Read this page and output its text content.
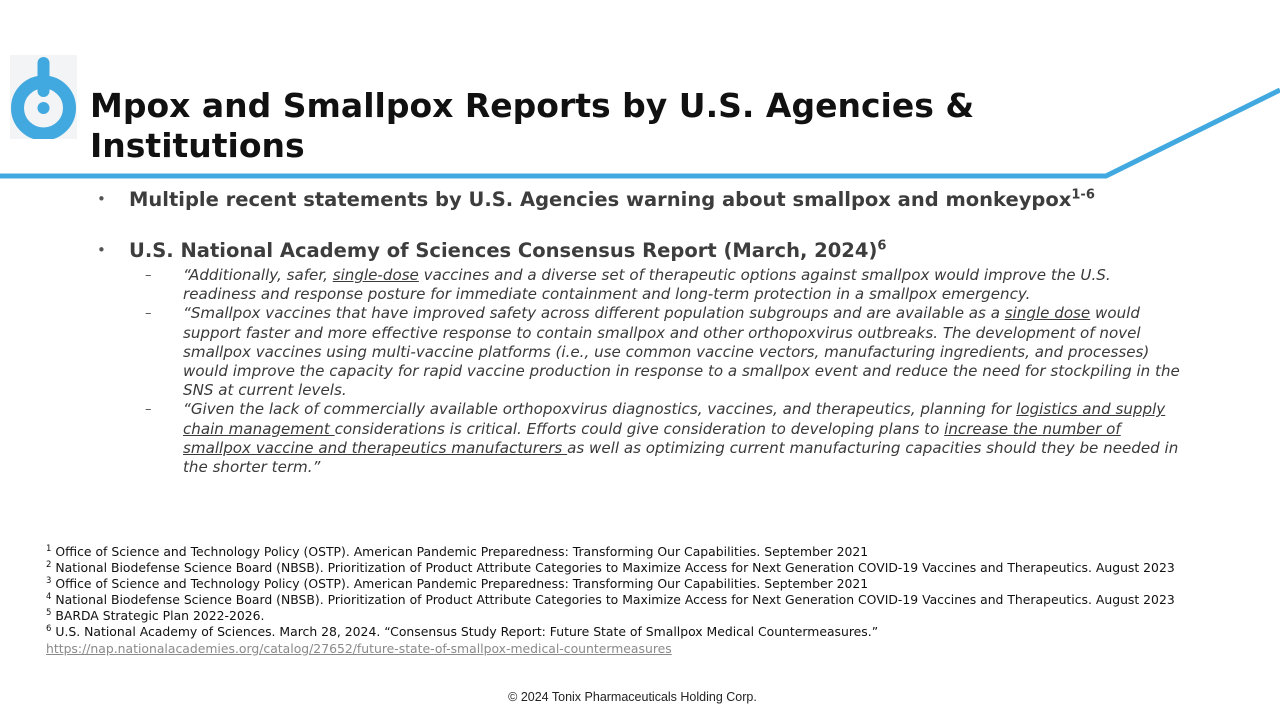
Mpox and Smallpox Reports by U.S. Agencies & Institutions
• Multiple recent statements by U.S. Agencies warning about smallpox and monkeypox$^{1-6}$
• U.S. National Academy of Sciences Consensus Report (March, 2024)$^6$
– “Additionally, safer, single-dose vaccines and a diverse set of therapeutic options against smallpox would improve the U.S. readiness and response posture for immediate containment and long-term protection in a smallpox emergency.
– “Smallpox vaccines that have improved safety across different population subgroups and are available as a single dose would support faster and more effective response to contain smallpox and other orthopoxvirus outbreaks. The development of novel smallpox vaccines using multi-vaccine platforms (i.e., use common vaccine vectors, manufacturing ingredients, and processes) would improve the capacity for rapid vaccine production in response to a smallpox event and reduce the need for stockpiling in the SNS at current levels.
– “Given the lack of commercially available orthopoxvirus diagnostics, vaccines, and therapeutics, planning for logistics and supply chain management considerations is critical. Efforts could give consideration to developing plans to increase the number of smallpox vaccine and therapeutics manufacturers as well as optimizing current manufacturing capacities should they be needed in the shorter term.”
$^1$ Office of Science and Technology Policy (OSTP). American Pandemic Preparedness: Transforming Our Capabilities. September 2021
$^2$ National Biodefense Science Board (NBSB). Prioritization of Product Attribute Categories to Maximize Access for Next Generation COVID-19 Vaccines and Therapeutics. August 2023
$^3$ Office of Science and Technology Policy (OSTP). American Pandemic Preparedness: Transforming Our Capabilities. September 2021
$^4$ National Biodefense Science Board (NBSB). Prioritization of Product Attribute Categories to Maximize Access for Next Generation COVID-19 Vaccines and Therapeutics. August 2023
$^5$ BARDA Strategic Plan 2022-2026.
$^6$ U.S. National Academy of Sciences. March 28, 2024. “Consensus Study Report: Future State of Smallpox Medical Countermeasures.”
https://nap.nationalacademies.org/catalog/27652/future-state-of-smallpox-medical-countermeasures
© 2024 Tonix Pharmaceuticals Holding Corp.
